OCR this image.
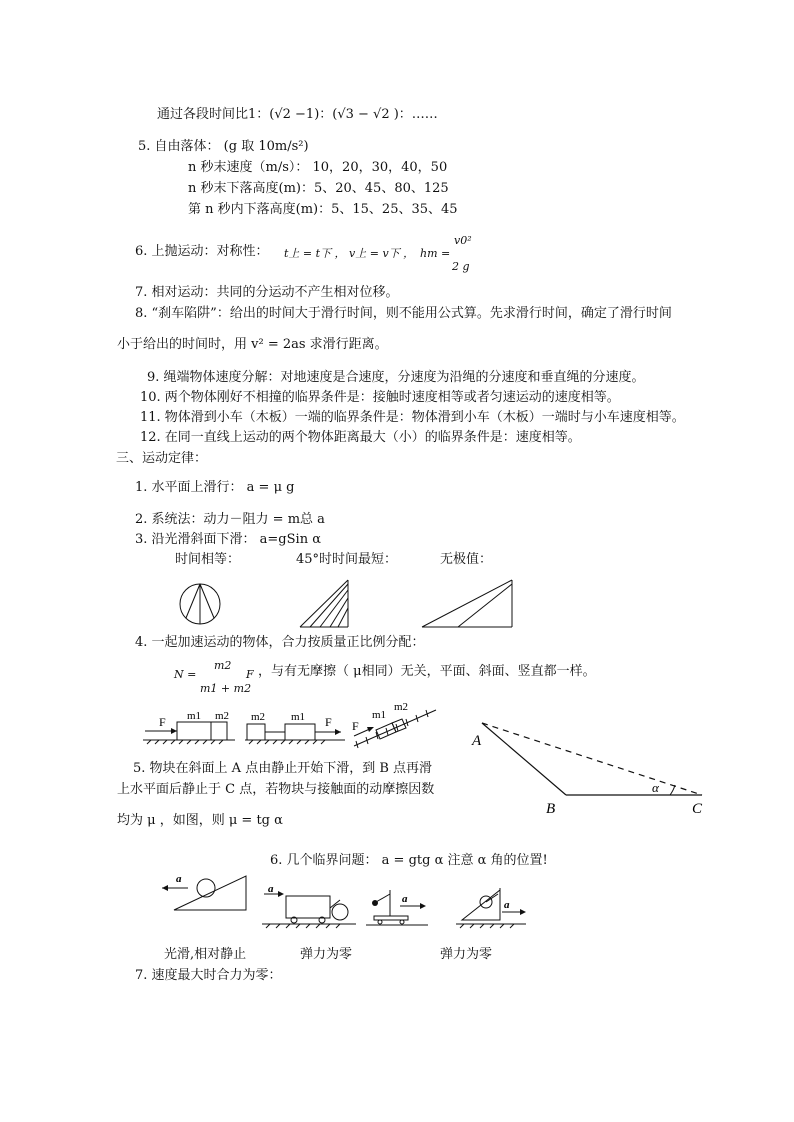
通过各段时间比1：(√2 −1)：(√3 − √2 )：……
5. 自由落体： (g 取 10m/s²)
n 秒末速度（m/s）： 10，20，30，40，50
n 秒末下落高度(m)：5、20、45、80、125
第 n 秒内下落高度(m)：5、15、25、35、45
6. 上抛运动：对称性： t上 = t下 ， v上 = v下 ， hm =
v0²
2 g
7. 相对运动：共同的分运动不产生相对位移。
8. “刹车陷阱”：给出的时间大于滑行时间，则不能用公式算。先求滑行时间，确定了滑行时间
小于给出的时间时，用 v² = 2as 求滑行距离。
9. 绳端物体速度分解：对地速度是合速度，分速度为沿绳的分速度和垂直绳的分速度。
10. 两个物体刚好不相撞的临界条件是：接触时速度相等或者匀速运动的速度相等。
11. 物体滑到小车（木板）一端的临界条件是：物体滑到小车（木板）一端时与小车速度相等。
12. 在同一直线上运动的两个物体距离最大（小）的临界条件是：速度相等。
三、运动定律：
1. 水平面上滑行： a = μ g
2. 系统法：动力－阻力 = m总 a
3. 沿光滑斜面下滑： a=gSin α
时间相等：	45°时时间最短：	无极值：
4. 一起加速运动的物体，合力按质量正比例分配：
N =
m2
m1 + m2
F ，与有无摩擦（ μ相同）无关，平面、斜面、竖直都一样。
5. 物块在斜面上 A 点由静止开始下滑，到 B 点再滑
上水平面后静止于 C 点，若物块与接触面的动摩擦因数
均为 μ ，如图，则 μ = tg α
6. 几个临界问题： a = gtg α 注意 α 角的位置!
光滑,相对静止	弹力为零	弹力为零
7. 速度最大时合力为零：
F m1 m2 m2 m1 F	m1
m2
F
A
B	C
α
a
a
a	a
